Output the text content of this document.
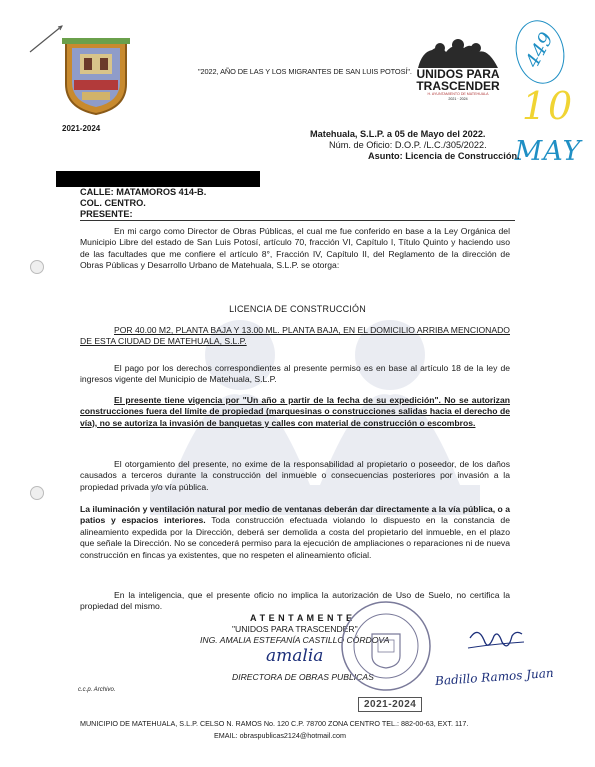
2021-2024
"2022, AÑO DE LAS Y LOS MIGRANTES DE SAN LUIS POTOSÍ". UNIDOS PARA
TRASCENDER
H. AYUNTAMIENTO DE MATEHUALA
2021 · 2024
449
10
MAY
Matehuala, S.L.P. a 05 de Mayo del 2022.
Núm. de Oficio: D.O.P. /L.C./305/2022.
Asunto: Licencia de Construcción.
CALLE: MATAMOROS 414-B.
COL. CENTRO.
PRESENTE:

En mi cargo como Director de Obras Públicas, el cual me fue conferido en base a la Ley Orgánica del Municipio Libre del estado de San Luis Potosí, artículo 70, fracción VI, Capítulo I, Título Quinto y haciendo uso de las facultades que me confiere el artículo 8°, Fracción IV, Capítulo II, del Reglamento de la dirección de Obras Públicas y Desarrollo Urbano de Matehuala, S.L.P. se otorga:

LICENCIA DE CONSTRUCCIÓN

POR 40.00 M2, PLANTA BAJA Y 13.00 ML. PLANTA BAJA, EN EL DOMICILIO ARRIBA MENCIONADO DE ESTA CIUDAD DE MATEHUALA, S.L.P.

El pago por los derechos correspondientes al presente permiso es en base al artículo 18 de la ley de ingresos vigente del Municipio de Matehuala, S.L.P.

El presente tiene vigencia por "Un año a partir de la fecha de su expedición". No se autorizan construcciones fuera del límite de propiedad (marquesinas o construcciones salidas hacia el derecho de vía), no se autoriza la invasión de banquetas y calles con material de construcción o escombros.

El otorgamiento del presente, no exime de la responsabilidad al propietario o poseedor, de los daños causados a terceros durante la construcción del inmueble o consecuencias posteriores por invasión a la propiedad privada y/o vía pública.

La iluminación y ventilación natural por medio de ventanas deberán dar directamente a la vía pública, o a patios y espacios interiores. Toda construcción efectuada violando lo dispuesto en la constancia de alineamiento expedida por la Dirección, deberá ser demolida a costa del propietario del inmueble, en el plazo que señale la Dirección. No se concederá permiso para la ejecución de ampliaciones o reparaciones ni de nueva construcción en fincas ya existentes, que no respeten el alineamiento oficial.

En la inteligencia, que el presente oficio no implica la autorización de Uso de Suelo, no certifica la propiedad del mismo.

A T E N T A M E N T E
"UNIDOS PARA TRASCENDER"
ING. AMALIA ESTEFANÍA CASTILLO CÓRDOVA
amalia
DIRECTORA DE OBRAS PUBLICAS
2021-2024
Badillo Ramos Juan
c.c.p. Archivo.
MUNICIPIO DE MATEHUALA, S.L.P. CELSO N. RAMOS No. 120 C.P. 78700 ZONA CENTRO TEL.: 882-00-63, EXT. 117.
EMAIL: obraspublicas2124@hotmail.com
